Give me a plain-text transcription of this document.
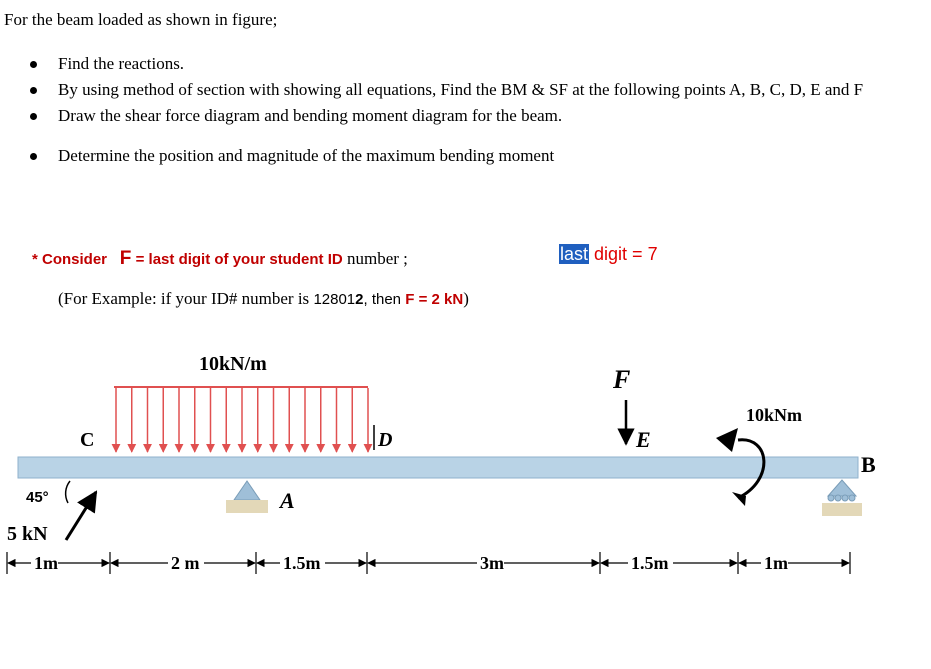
For the beam loaded as shown in figure;
Find the reactions.
By using method of section with showing all equations, Find the BM & SF at the following points A, B, C, D, E and F
Draw the shear force diagram and bending moment diagram for the beam.
Determine the position and magnitude of the maximum bending moment
* Consider F = last digit of your student ID number ;	last digit = 7
(For Example: if your ID# number is 128012, then F = 2 kN)
10kN/m
C	D
F
E
10kNm
A
B
45°
5 kN
1m	2 m	1.5m	3m	1.5m	1m
